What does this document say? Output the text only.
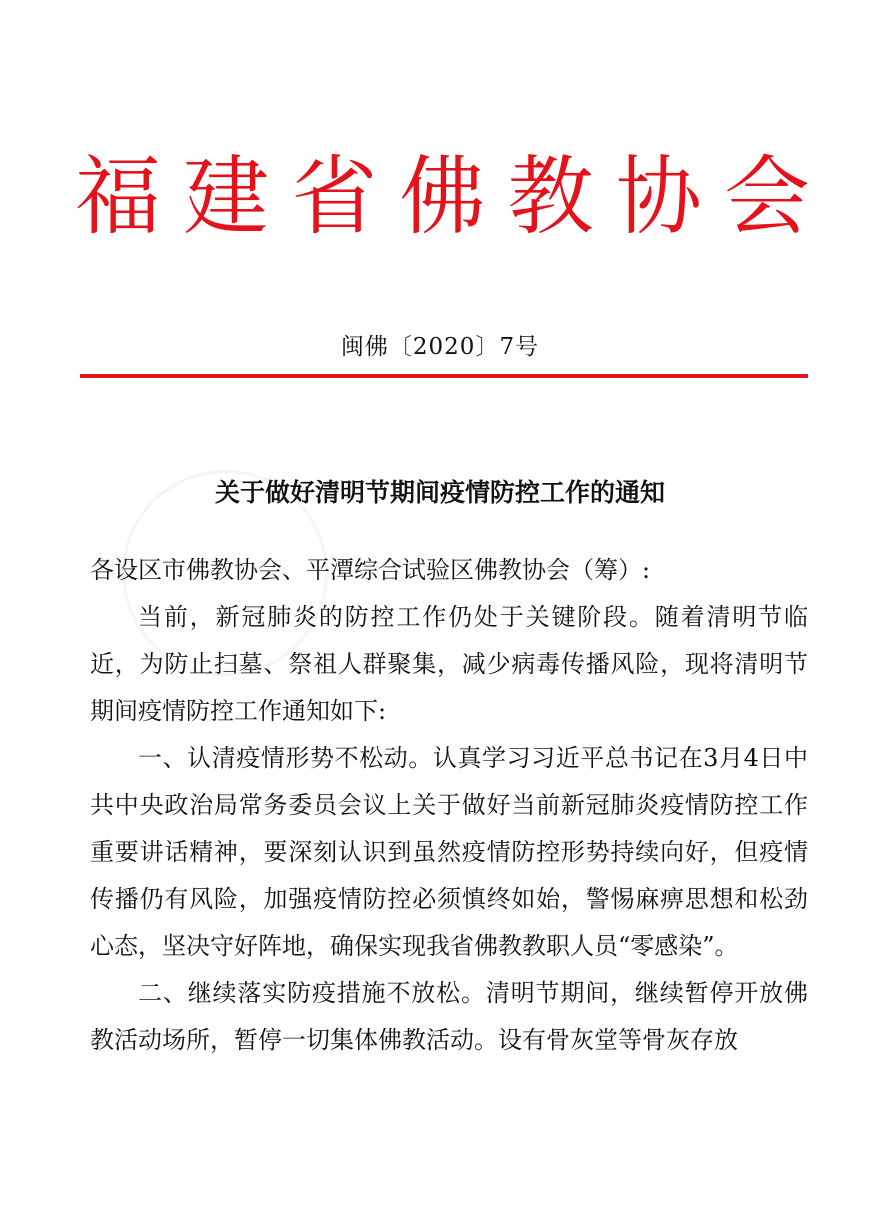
福 建 省 佛 教 协 会
闽佛〔2020〕7号
关于做好清明节期间疫情防控工作的通知

各设区市佛教协会、平潭综合试验区佛教协会（筹）:

当前，新冠肺炎的防控工作仍处于关键阶段。随着清明节临近，为防止扫墓、祭祖人群聚集，减少病毒传播风险，现将清明节期间疫情防控工作通知如下:

一、认清疫情形势不松动。认真学习习近平总书记在3月4日中共中央政治局常务委员会议上关于做好当前新冠肺炎疫情防控工作重要讲话精神，要深刻认识到虽然疫情防控形势持续向好，但疫情传播仍有风险，加强疫情防控必须慎终如始，警惕麻痹思想和松劲心态，坚决守好阵地，确保实现我省佛教教职人员“零感染”。

二、继续落实防疫措施不放松。清明节期间，继续暂停开放佛教活动场所，暂停一切集体佛教活动。设有骨灰堂等骨灰存放
